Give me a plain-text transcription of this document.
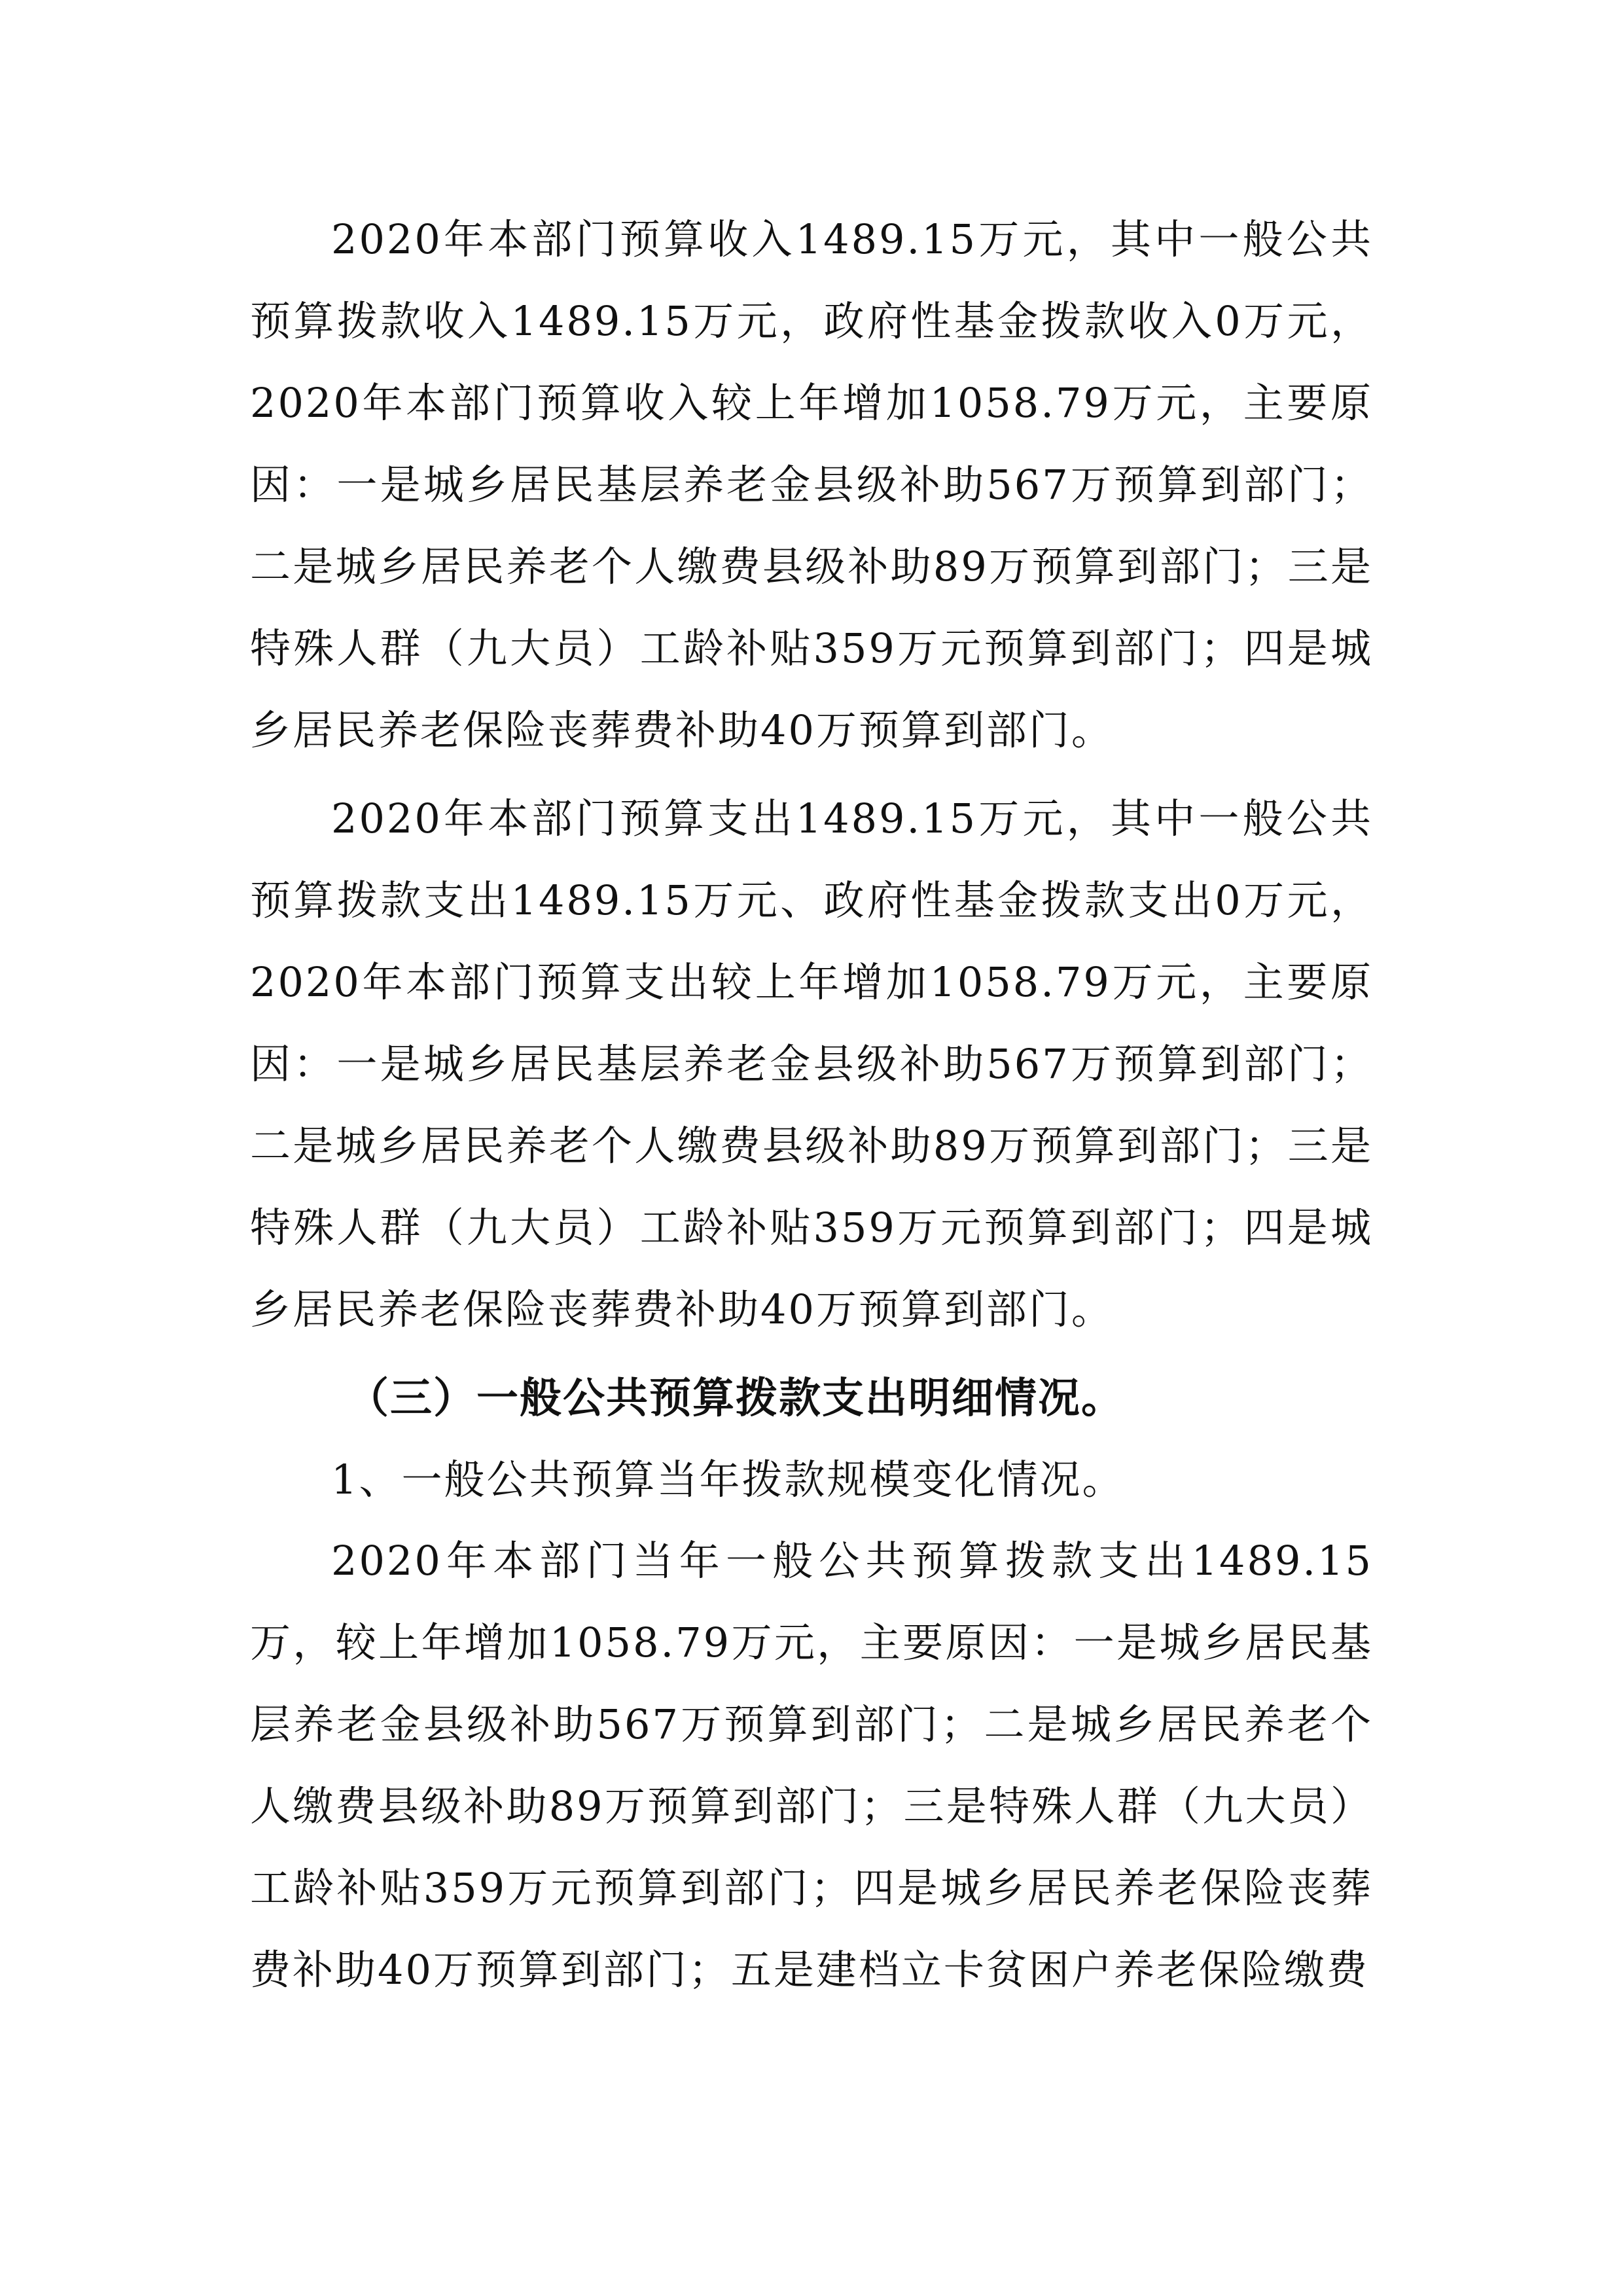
2020年本部门预算收入1489.15万元，其中一般公共预算拨款收入1489.15万元，政府性基金拨款收入0万元，2020年本部门预算收入较上年增加1058.79万元，主要原因：一是城乡居民基层养老金县级补助567万预算到部门；二是城乡居民养老个人缴费县级补助89万预算到部门；三是特殊人群（九大员）工龄补贴359万元预算到部门；四是城乡居民养老保险丧葬费补助40万预算到部门。

2020年本部门预算支出1489.15万元，其中一般公共预算拨款支出1489.15万元、政府性基金拨款支出0万元，2020年本部门预算支出较上年增加1058.79万元，主要原因：一是城乡居民基层养老金县级补助567万预算到部门；二是城乡居民养老个人缴费县级补助89万预算到部门；三是特殊人群（九大员）工龄补贴359万元预算到部门；四是城乡居民养老保险丧葬费补助40万预算到部门。

（三）一般公共预算拨款支出明细情况。
1、一般公共预算当年拨款规模变化情况。

2020年本部门当年一般公共预算拨款支出1489.15万，较上年增加1058.79万元，主要原因：一是城乡居民基层养老金县级补助567万预算到部门；二是城乡居民养老个人缴费县级补助89万预算到部门；三是特殊人群（九大员）工龄补贴359万元预算到部门；四是城乡居民养老保险丧葬费补助40万预算到部门；五是建档立卡贫困户养老保险缴费
